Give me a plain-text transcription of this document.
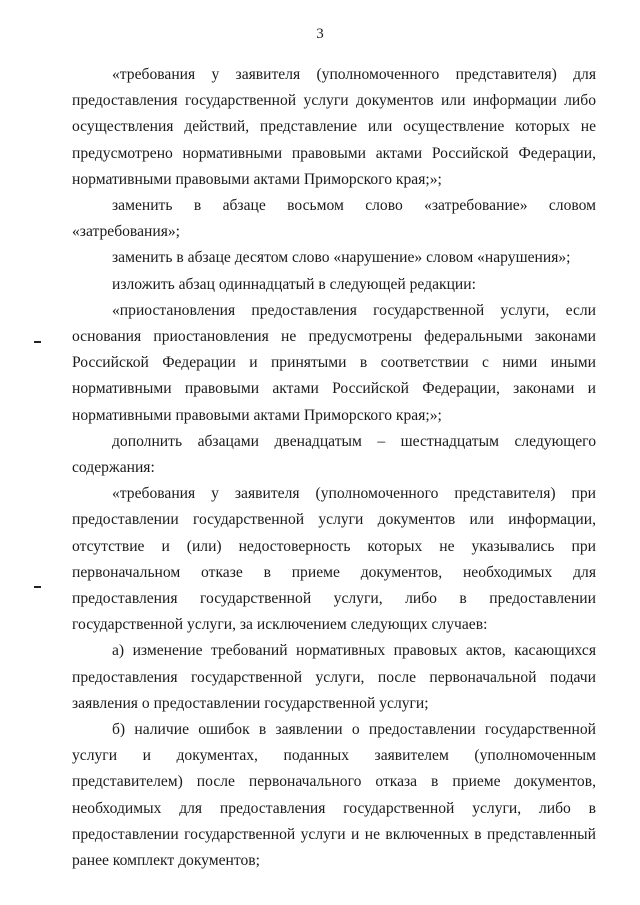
3

«требования у заявителя (уполномоченного представителя) для предоставления государственной услуги документов или информации либо осуществления действий, представление или осуществление которых не предусмотрено нормативными правовыми актами Российской Федерации, нормативными правовыми актами Приморского края;»;

заменить в абзаце восьмом слово «затребование» словом «затребования»;

заменить в абзаце десятом слово «нарушение» словом «нарушения»;

изложить абзац одиннадцатый в следующей редакции:

«приостановления предоставления государственной услуги, если основания приостановления не предусмотрены федеральными законами Российской Федерации и принятыми в соответствии с ними иными нормативными правовыми актами Российской Федерации, законами и нормативными правовыми актами Приморского края;»;

дополнить абзацами двенадцатым – шестнадцатым следующего содержания:

«требования у заявителя (уполномоченного представителя) при предоставлении государственной услуги документов или информации, отсутствие и (или) недостоверность которых не указывались при первоначальном отказе в приеме документов, необходимых для предоставления государственной услуги, либо в предоставлении государственной услуги, за исключением следующих случаев:

а) изменение требований нормативных правовых актов, касающихся предоставления государственной услуги, после первоначальной подачи заявления о предоставлении государственной услуги;

б) наличие ошибок в заявлении о предоставлении государственной услуги и документах, поданных заявителем (уполномоченным представителем) после первоначального отказа в приеме документов, необходимых для предоставления государственной услуги, либо в предоставлении государственной услуги и не включенных в представленный ранее комплект документов;
